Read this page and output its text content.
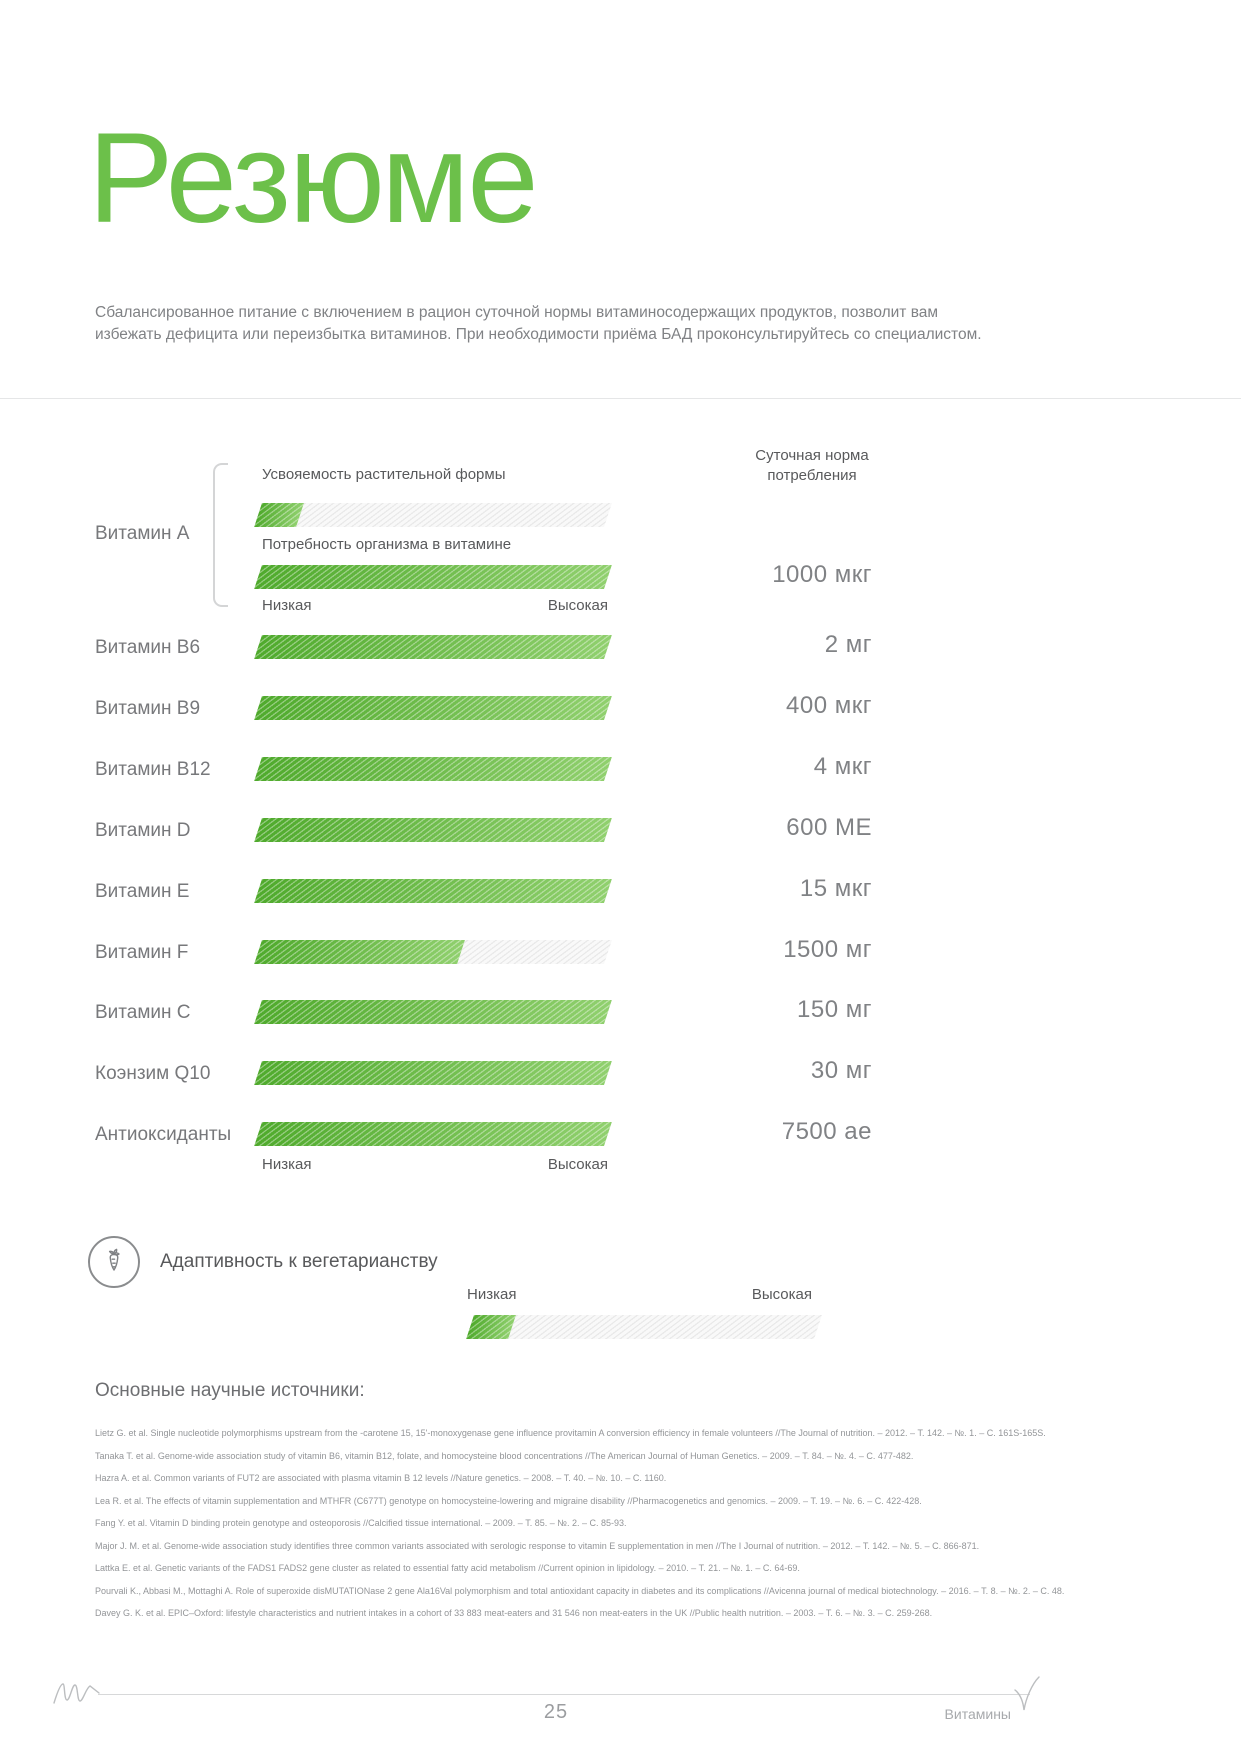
Резюме
Сбалансированное питание с включением в рацион суточной нормы витаминосодержащих продуктов, позволит вам избежать дефицита или переизбытка витаминов. При необходимости приёма БАД проконсультируйтесь со специалистом.
Суточная норма потребления
Витамин А
Усвояемость растительной формы
Потребность организма в витамине
1000 мкг
Низкая	Высокая
Витамин B6	2 мг
Витамин B9	400 мкг
Витамин B12	4 мкг
Витамин D	600 МЕ
Витамин E	15 мкг
Витамин F	1500 мг
Витамин C	150 мг
Коэнзим Q10	30 мг
Антиоксиданты	7500 ае
Низкая	Высокая
Адаптивность к вегетарианству
Низкая	Высокая
Основные научные источники:
Lietz G. et al. Single nucleotide polymorphisms upstream from the -carotene 15, 15'-monoxygenase gene influence provitamin A conversion efficiency in female volunteers //The Journal of nutrition. – 2012. – Т. 142. – №. 1. – С. 161S-165S.
Tanaka T. et al. Genome-wide association study of vitamin B6, vitamin B12, folate, and homocysteine blood concentrations //The American Journal of Human Genetics. – 2009. – Т. 84. – №. 4. – С. 477-482.
Hazra A. et al. Common variants of FUT2 are associated with plasma vitamin B 12 levels //Nature genetics. – 2008. – Т. 40. – №. 10. – С. 1160.
Lea R. et al. The effects of vitamin supplementation and MTHFR (C677T) genotype on homocysteine-lowering and migraine disability //Pharmacogenetics and genomics. – 2009. – Т. 19. – №. 6. – С. 422-428.
Fang Y. et al. Vitamin D binding protein genotype and osteoporosis //Calcified tissue international. – 2009. – Т. 85. – №. 2. – С. 85-93.
Major J. M. et al. Genome-wide association study identifies three common variants associated with serologic response to vitamin E supplementation in men //The I Journal of nutrition. – 2012. – Т. 142. – №. 5. – С. 866-871.
Lattka E. et al. Genetic variants of the FADS1 FADS2 gene cluster as related to essential fatty acid metabolism //Current opinion in lipidology. – 2010. – Т. 21. – №. 1. – С. 64-69.
Pourvali K., Abbasi M., Mottaghi A. Role of superoxide disMUTATIONase 2 gene Ala16Val polymorphism and total antioxidant capacity in diabetes and its complications //Avicenna journal of medical biotechnology. – 2016. – Т. 8. – №. 2. – С. 48.
Davey G. K. et al. EPIC–Oxford: lifestyle characteristics and nutrient intakes in a cohort of 33 883 meat-eaters and 31 546 non meat-eaters in the UK //Public health nutrition. – 2003. – Т. 6. – №. 3. – С. 259-268.
25	Витамины
